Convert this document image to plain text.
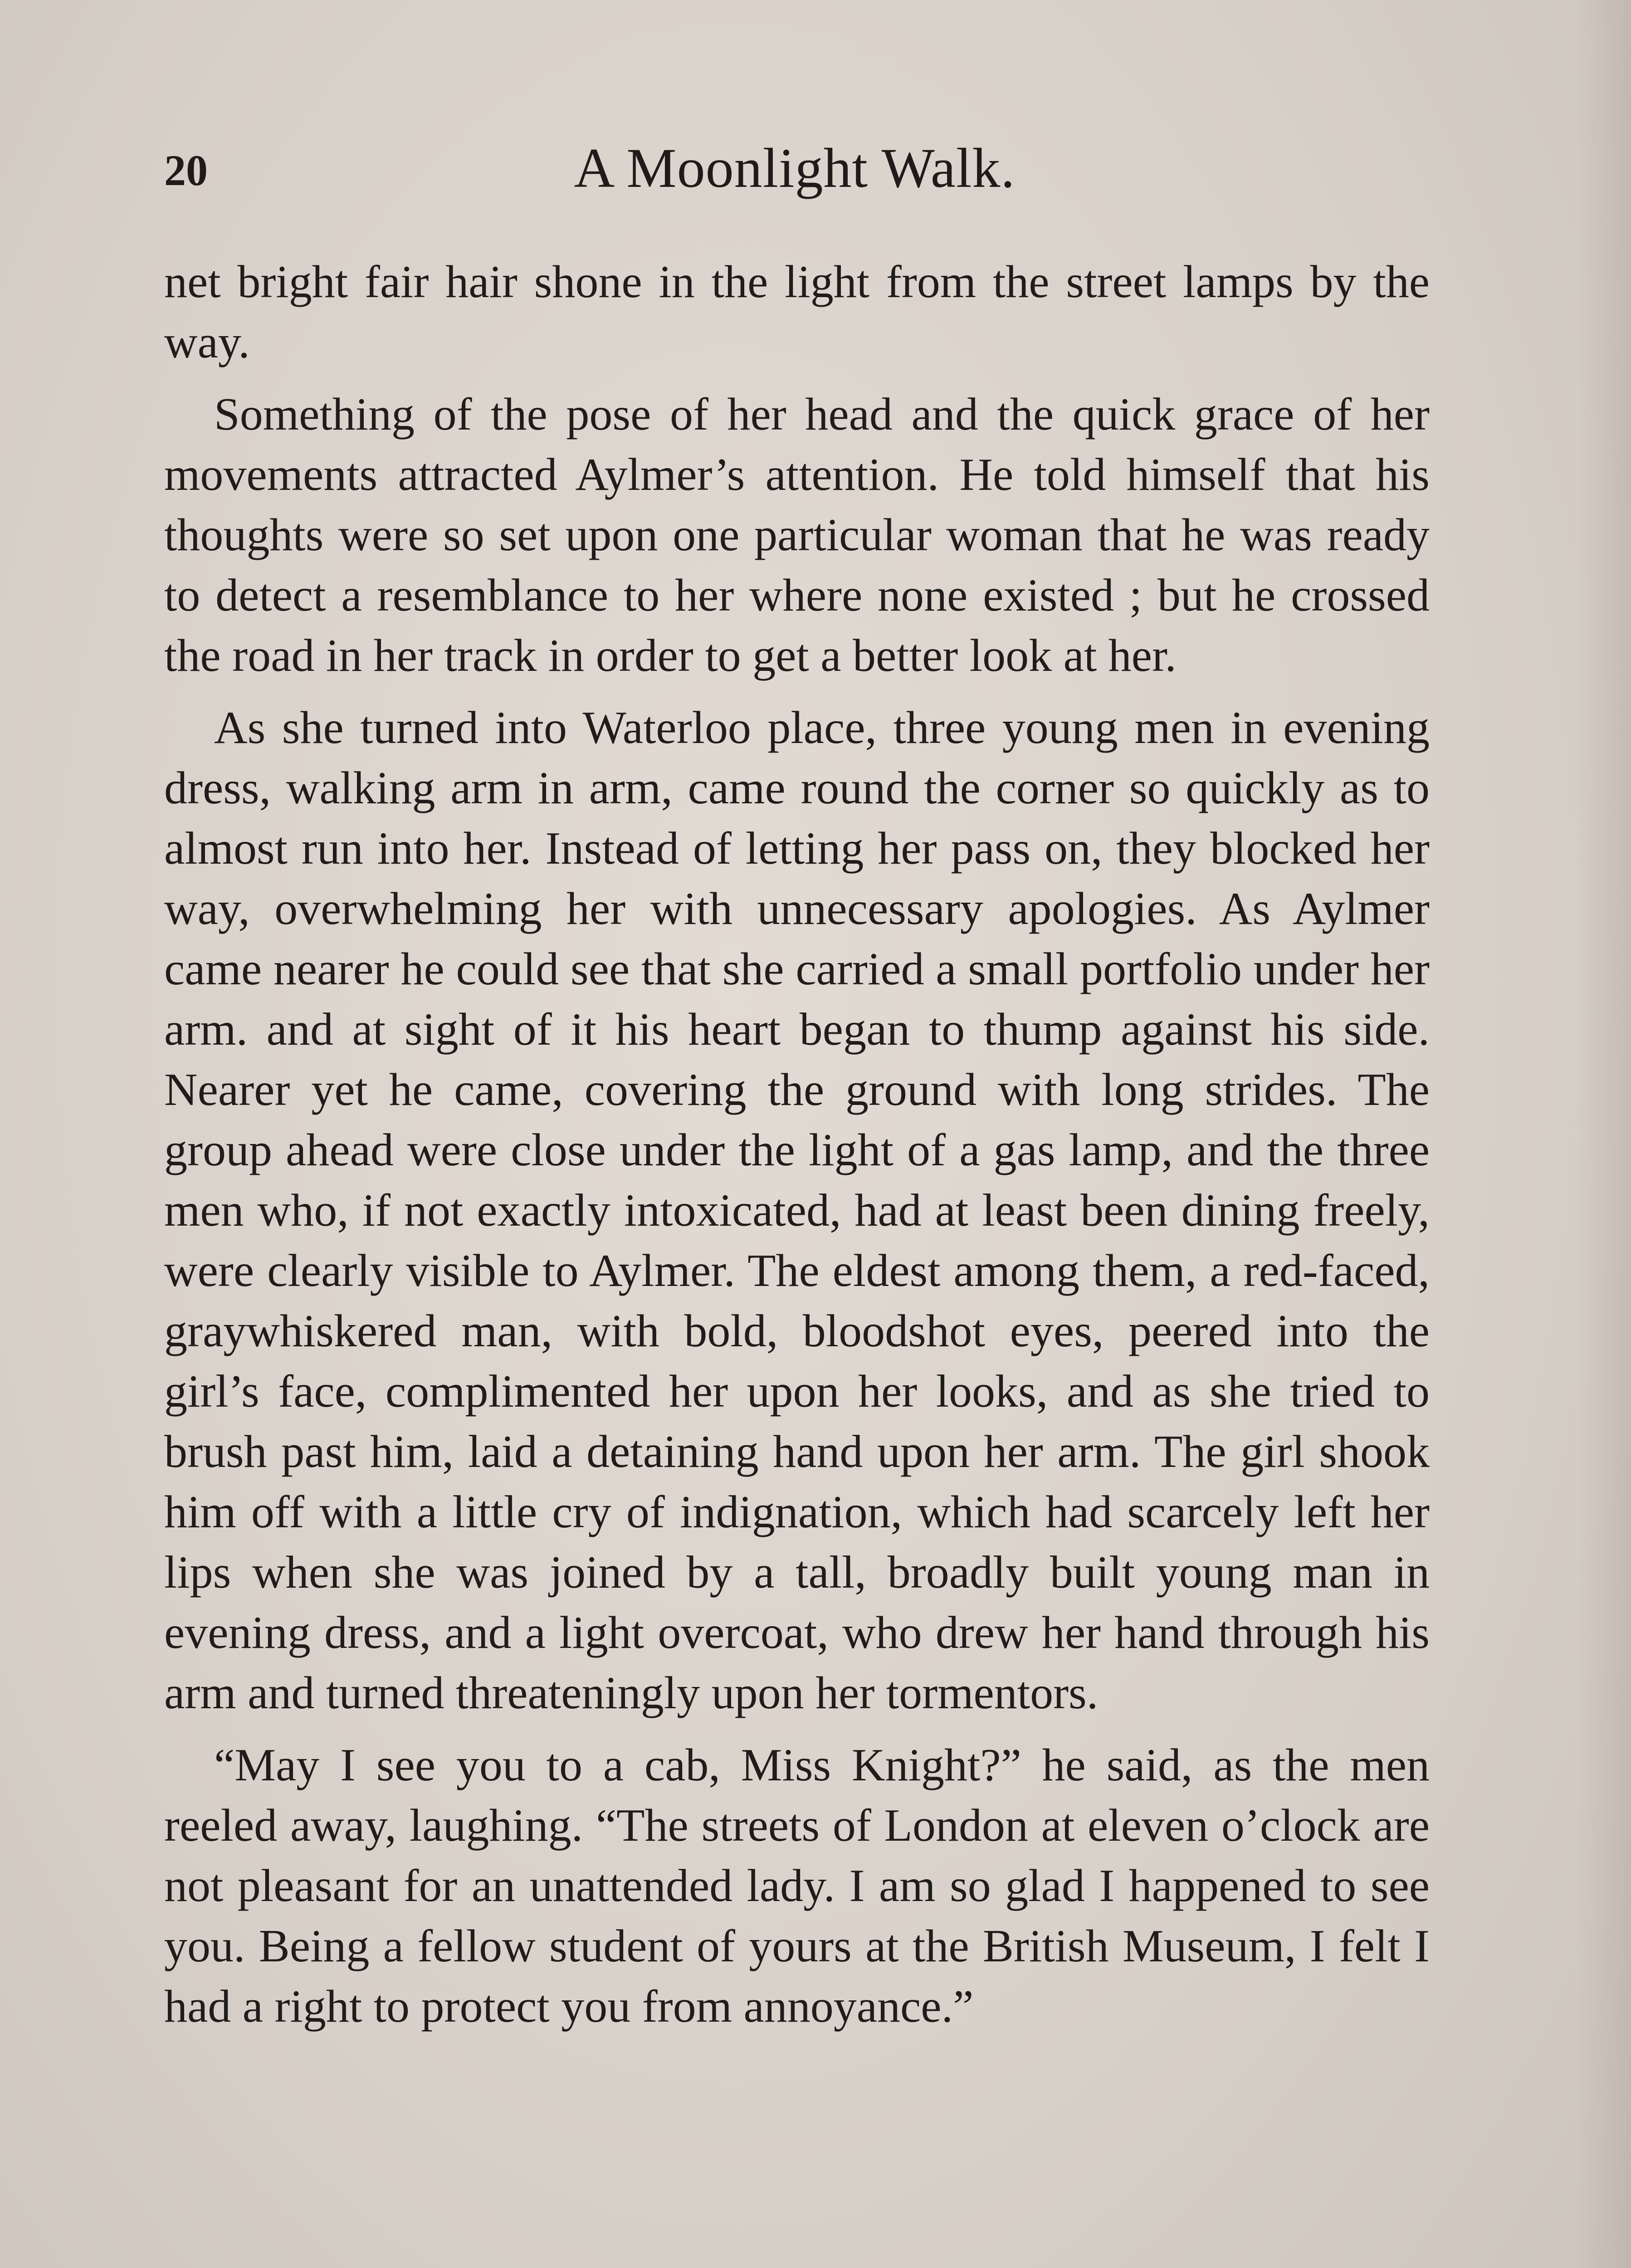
20	A Moonlight Walk.

net bright fair hair shone in the light from the street lamps by the way.

Something of the pose of her head and the quick grace of her movements attracted Aylmer’s attention. He told himself that his thoughts were so set upon one particular woman that he was ready to detect a resemblance to her where none existed ; but he crossed the road in her track in order to get a better look at her.

As she turned into Waterloo place, three young men in evening dress, walking arm in arm, came round the corner so quickly as to almost run into her. Instead of letting her pass on, they blocked her way, overwhelming her with unnecessary apologies. As Aylmer came nearer he could see that she carried a small portfolio under her arm. and at sight of it his heart began to thump against his side. Nearer yet he came, covering the ground with long strides. The group ahead were close under the light of a gas lamp, and the three men who, if not exactly intoxicated, had at least been dining freely, were clearly visible to Aylmer. The eldest among them, a red-faced, graywhiskered man, with bold, bloodshot eyes, peered into the girl’s face, complimented her upon her looks, and as she tried to brush past him, laid a detaining hand upon her arm. The girl shook him off with a little cry of indignation, which had scarcely left her lips when she was joined by a tall, broadly built young man in evening dress, and a light overcoat, who drew her hand through his arm and turned threateningly upon her tormentors.

“May I see you to a cab, Miss Knight?” he said, as the men reeled away, laughing. “The streets of London at eleven o’clock are not pleasant for an unattended lady. I am so glad I happened to see you. Being a fellow student of yours at the British Museum, I felt I had a right to protect you from annoyance.”
